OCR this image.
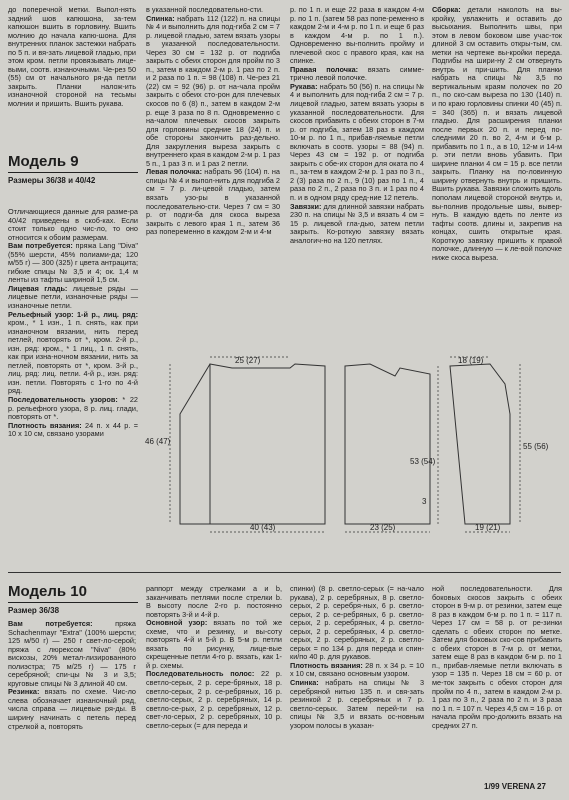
до поперечной метки. Выпол-нять задний шов капюшона, за-тем капюшон вшить в горловину. Вшить молнию до начала капю-шона. Для внутренних планок застежки набрать по 5 п. и вя-зать лицевой гладью, при этом кром. петли провязывать лице-выми, соотв. изнаночными. Че-рез 50 (55) см от начального ря-да петли закрыть. Планки налож-ить изнаночной стороной на тесьмы молнии и пришить. Вшить рукава.

Модель 9
Размеры 36/38 и 40/42

Отличающиеся данные для разме-ра 40/42 приведены в скоб-ках. Если стоит только одно чис-ло, то оно относится к обоим размерам.

Вам потребуется: пряжа Lang "Diva" (55% шерсти, 45% полиами-да; 120 м/55 г) — 300 (325) г цвета антрацита; гибкие спицы № 3,5 и 4; ок. 1,4 м ленты из тафты шириной 1,5 см.

Лицевая гладь: лицевые ряды — лицевые петли, изнаночные ряды — изнаночные петли.

Рельефный узор: 1-й р., лиц. ряд: кром., * 1 изн., 1 п. снять, как при изнаночном вязании, нить перед петлей, повторять от *, кром. 2-й р., изн. ряд: кром., * 1 лиц., 1 п. снять, как при изна-ночном вязании, нить за петлей, повторять от *, кром. 3-й р., лиц. ряд: лиц. петли. 4-й р., изн. ряд: изн. петли. Повторять с 1-го по 4-й ряд.

Последовательность узоров: * 22 р. рельефного узора, 8 р. лиц. глади, повторять от *.

Плотность вязания: 24 п. x 44 р. = 10 x 10 см, связано узорами

в указанной последовательно-сти.

Спинка: набрать 112 (122) п. на спицы № 4 и выполнить для под-гиба 2 см = 7 р. лицевой гладью, затем вязать узоры в указанной последовательности. Через 30 см = 132 р. от подгиба закрыть с обеих сторон для пройм по 3 п., затем в каждом 2-м р. 1 раз по 2 п. и 2 раза по 1 п. = 98 (108) п. Че-рез 21 (22) см = 92 (96) р. от на-чала пройм закрыть с обеих сто-рон для плечевых скосов по 6 (8) п., затем в каждом 2-м р. еще 3 раза по 8 п. Одновременно с на-чалом плечевых скосов закрыть для горловины средние 18 (24) п. и обе стороны закончить раз-дельно. Для закругления выреза закрыть с внутреннего края в каждом 2-м р. 1 раз 5 п., 1 раз 3 п. и 1 раз 2 петли.

Левая полочка: набрать 96 (104) п. на спицы № 4 и выпол-нить для подгиба 2 см = 7 р. ли-цевой гладью, затем вязать узо-ры в указанной последовательно-сти. Через 7 см = 30 р. от подги-ба для скоса выреза закрыть с левого края 1 п., затем 36 раз попеременно в каждом 2-м и 4-м

р. по 1 п. и еще 22 раза в каждом 4-м р. по 1 п. (затем 58 раз попе-ременно в каждом 2-м и 4-м р. по 1 п. и еще 6 раз в каждом 4-м р. по 1 п.). Одновременно вы-полнить пройму и плечевой скос с правого края, как на спинке.

Правая полочка: вязать симме-трично левой полочке.

Рукава: набрать 50 (56) п. на спицы № 4 и выполнить для под-гиба 2 см = 7 р. лицевой гладью, затем вязать узоры в указанной последовательности. Для скосов прибавить с обеих сторон в 7-м р. от подгиба, затем 18 раз в каждом 10-м р. по 1 п., прибав-ляемые петли включать в соотв. узоры = 88 (94) п. Через 43 см = 192 р. от подгиба закрыть с обе-их сторон для оката по 4 п., за-тем в каждом 2-м р. 1 раз по 3 п., 2 (3) раза по 2 п., 9 (10) раз по 1 п., 4 раза по 2 п., 2 раза по 3 п. и 1 раз по 4 п. и в одном ряду сред-ние 12 петель.

Завязки: для длинной завязки набрать 230 п. на спицы № 3,5 и вязать 4 см = 15 р. лицевой гла-дью, затем петли закрыть. Ко-роткую завязку вязать аналогич-но на 120 петлях.

Сборка: детали наколоть на вы-кройку, увлажнить и оставить до высыхания. Выполнить швы, при этом в левом боковом шве учас-ток длиной 3 см оставить откры-тым, см. метки на чертеже вы-кройки переда. Подгибы на шири-ну 2 см отвернуть внутрь и при-шить. Для планки набрать на спицы № 3,5 по вертикальным краям полочек по 20 п., по ско-сам выреза по 130 (140) п. и по краю горловины спинки 40 (45) п. = 340 (365) п. и вязать лицевой гладью. Для расширения планки после первых 20 п. и перед по-следними 20 п. во 2, 4-м и 6-м р. прибавить по 1 п., а в 10, 12-м и 14-м р. эти петли вновь убавить. При ширине планки 4 см = 15 р. все петли закрыть. Планку на по-ловинную ширину отвернуть внутрь и пришить. Вшить рукава. Завязки сложить вдоль пополам лицевой стороной внутрь и, вы-полнив продольные швы, вывер-нуть. В каждую вдеть по ленте из тафты соотв. длины и, закрепив на концах, сшить открытые края. Короткую завязку пришить к правой полочке, длинную — к ле-вой полочке ниже скоса выреза.

25 (27)
46 (47)
40 (43)	23 (25)
53 (54)
3
18 (19)
55 (56)
19 (21)
Модель 10
Размер 36/38

Вам потребуется: пряжа Schachenmayr "Extra" (100% шерсти; 125 м/50 г) — 250 г свет-ло-серой; пряжа с люрексом "Niva" (80% вискозы, 20% метал-лизированного полиэстра; 75 м/25 г) — 175 г серебряной; спи-цы № 3 и 3,5; круговые спицы № 3 длиной 40 см.

Резинка: вязать по схеме. Чис-ло слева обозначает изнаночный ряд, числа справа — лицевые ря-ды. В ширину начинать с петель перед стрелкой а, повторять

раппорт между стрелками а и b, заканчивать петлями после стрелки b. В высоту после 2-го р. постоянно повторять 3-й и 4-й р.

Основной узор: вязать по той же схеме, что и резинку, и вы-соту повторять 4-й и 5-й р. В 5-м р. петли вязать по рисунку, лице-вые скрещенные петли 4-го р. вязать, как 1-й р. схемы.

Последовательность полос: 22 р. светло-серых, 2 р. сере-бряных, 18 р. светло-серых, 2 р. се-ребряных, 16 р. светло-серых, 2 р. серебряных, 14 р. светло-се-рых, 2 р. серебряных, 12 р. свет-ло-серых, 2 р. серебряных, 10 р. светло-серых (= для переда и

спинки) (8 р. светло-серых (= на-чало рукава), 2 р. серебряных, 8 р. светло-серых, 2 р. серебря-ных, 6 р. светло-серых, 2 р. се-ребряных, 6 р. светло-серых, 2 р. серебряных, 4 р. светло-серых, 2 р. серебряных, 4 р. светло-серых, 2 р. серебряных, 2 р. светло-серых = по 134 р. для переда и спин-ки/по 40 р. для рукавов.

Плотность вязания: 28 п. x 34 р. = 10 x 10 см, связано основным узором.

Спинка: набрать на спицы № 3 серебряной нитью 135 п. и свя-зать резинкой 2 р. серебряных и 7 р. светло-серых. Затем перей-ти на спицы № 3,5 и вязать ос-новным узором полосы в указан-

ной последовательности. Для боковых скосов закрыть с обеих сторон в 9-м р. от резинки, затем еще 8 раз в каждом 6-м р. по 1 п. = 117 п. Через 17 см = 58 р. от ре-зинки сделать с обеих сторон по метке. Затем для боковых ско-сов прибавить с обеих сторон в 7-м р. от метки, затем еще 8 раз в каждом 6-м р. по 1 п., прибав-ляемые петли включать в узор = 135 п. Через 18 см = 60 р. от ме-ток закрыть с обеих сторон для пройм по 4 п., затем в каждом 2-м р. 1 раз по 3 п., 2 раза по 2 п. и 3 раза по 1 п. = 107 п. Через 4,5 см = 16 р. от начала пройм про-должить вязать на средних 27 п.

1/99 VERENA 27
